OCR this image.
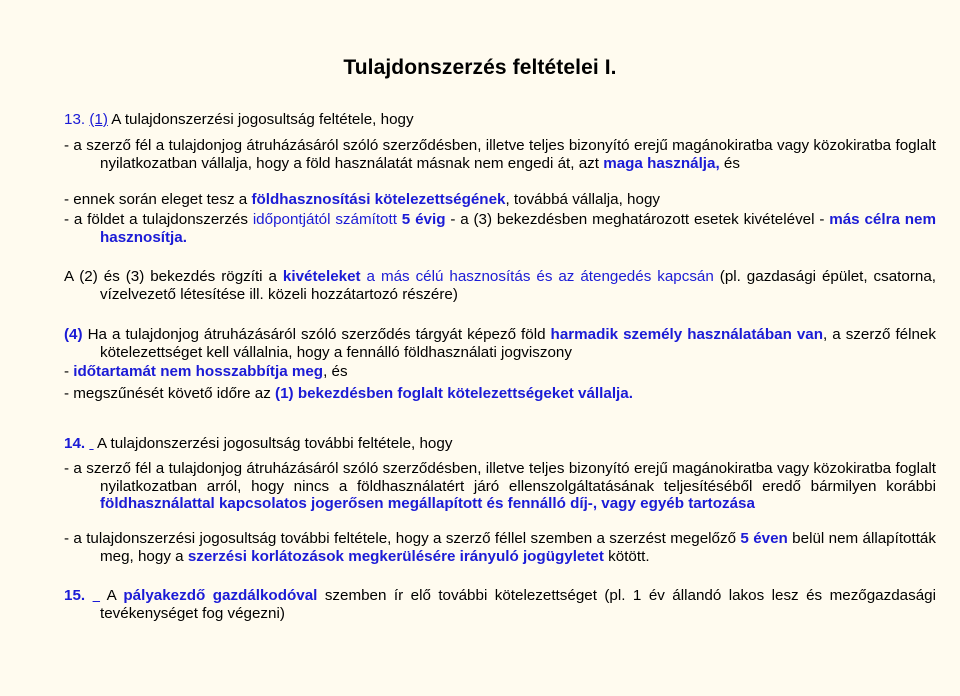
Tulajdonszerzés feltételei I.
13. (1) A tulajdonszerzési jogosultság feltétele, hogy
- a szerző fél a tulajdonjog átruházásáról szóló szerződésben, illetve teljes bizonyító erejű magánokiratba vagy közokiratba foglalt nyilatkozatban vállalja, hogy a föld használatát másnak nem engedi át, azt maga használja, és
- ennek során eleget tesz a földhasznosítási kötelezettségének, továbbá vállalja, hogy
- a földet a tulajdonszerzés időpontjától számított 5 évig - a (3) bekezdésben meghatározott esetek kivételével - más célra nem hasznosítja.
A (2) és (3) bekezdés rögzíti a kivételeket a más célú hasznosítás és az átengedés kapcsán (pl. gazdasági épület, csatorna, vízelvezető létesítése ill. közeli hozzátartozó részére)
(4) Ha a tulajdonjog átruházásáról szóló szerződés tárgyát képező föld harmadik személy használatában van, a szerző félnek kötelezettséget kell vállalnia, hogy a fennálló földhasználati jogviszony
- időtartamát nem hosszabbítja meg, és
- megszűnését követő időre az (1) bekezdésben foglalt kötelezettségeket vállalja.
14.   A tulajdonszerzési jogosultság további feltétele, hogy
- a szerző fél a tulajdonjog átruházásáról szóló szerződésben, illetve teljes bizonyító erejű magánokiratba vagy közokiratba foglalt nyilatkozatban arról, hogy nincs a földhasználatért járó ellenszolgáltatásának teljesítéséből eredő bármilyen korábbi földhasználattal kapcsolatos jogerősen megállapított és fennálló díj-, vagy egyéb tartozása
- a tulajdonszerzési jogosultság további feltétele, hogy a szerző féllel szemben a szerzést megelőző 5 éven belül nem állapították meg, hogy a szerzési korlátozások megkerülésére irányuló jogügyletet kötött.
15.   A pályakezdő gazdálkodóval szemben ír elő további kötelezettséget (pl. 1 év állandó lakos lesz és mezőgazdasági tevékenységet fog végezni)
